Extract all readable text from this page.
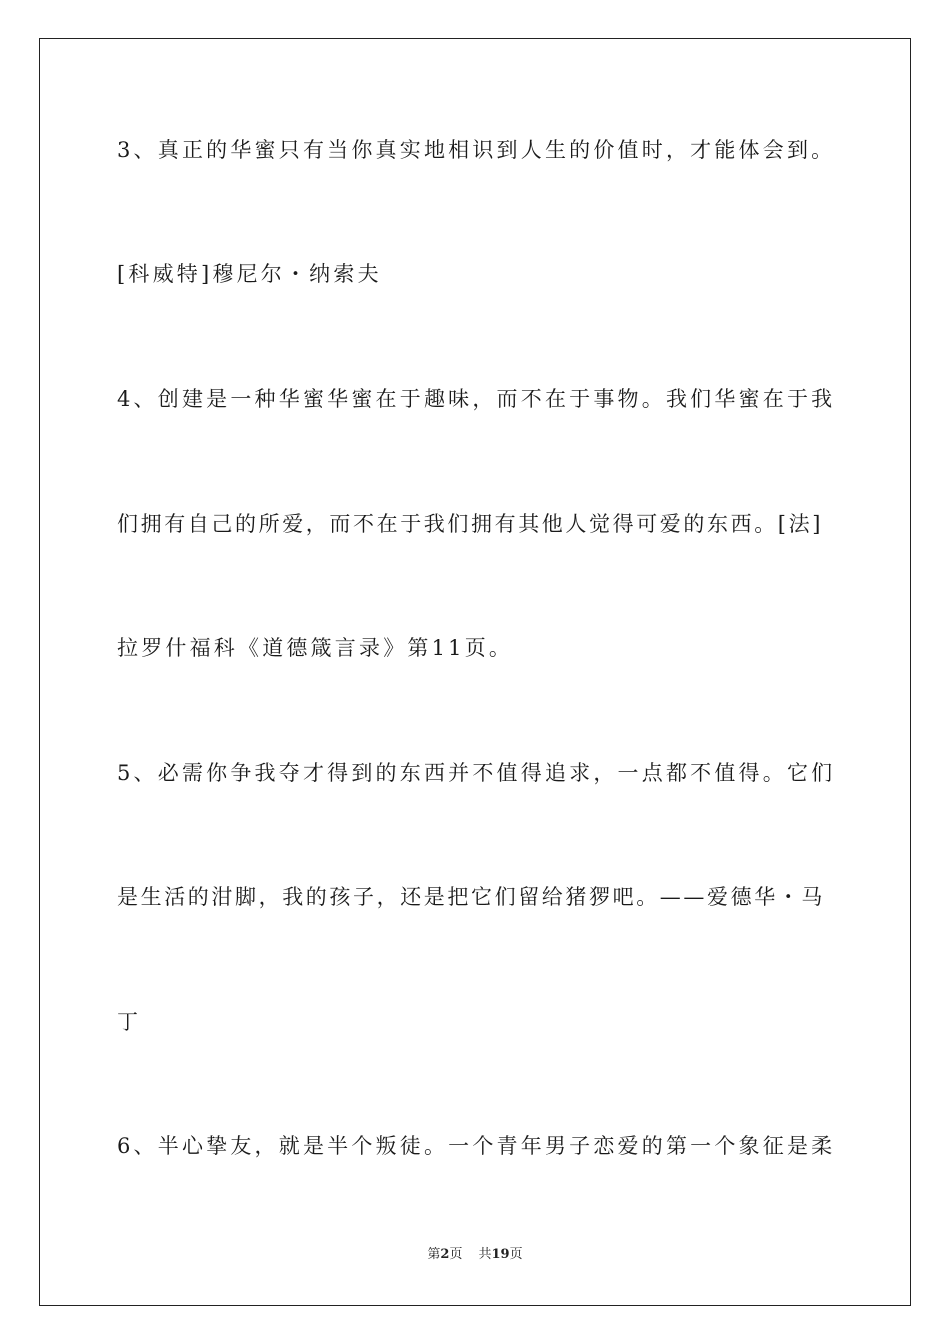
3、真正的华蜜只有当你真实地相识到人生的价值时，才能体会到。
[科威特]穆尼尔・纳索夫
4、创建是一种华蜜华蜜在于趣味，而不在于事物。我们华蜜在于我
们拥有自己的所爱，而不在于我们拥有其他人觉得可爱的东西。[法]
拉罗什福科《道德箴言录》第11页。
5、必需你争我夺才得到的东西并不值得追求，一点都不值得。它们
是生活的泔脚，我的孩子，还是把它们留给猪猡吧。——爱德华・马
丁
6、半心挚友，就是半个叛徒。一个青年男子恋爱的第一个象征是柔
第2页 共19页
